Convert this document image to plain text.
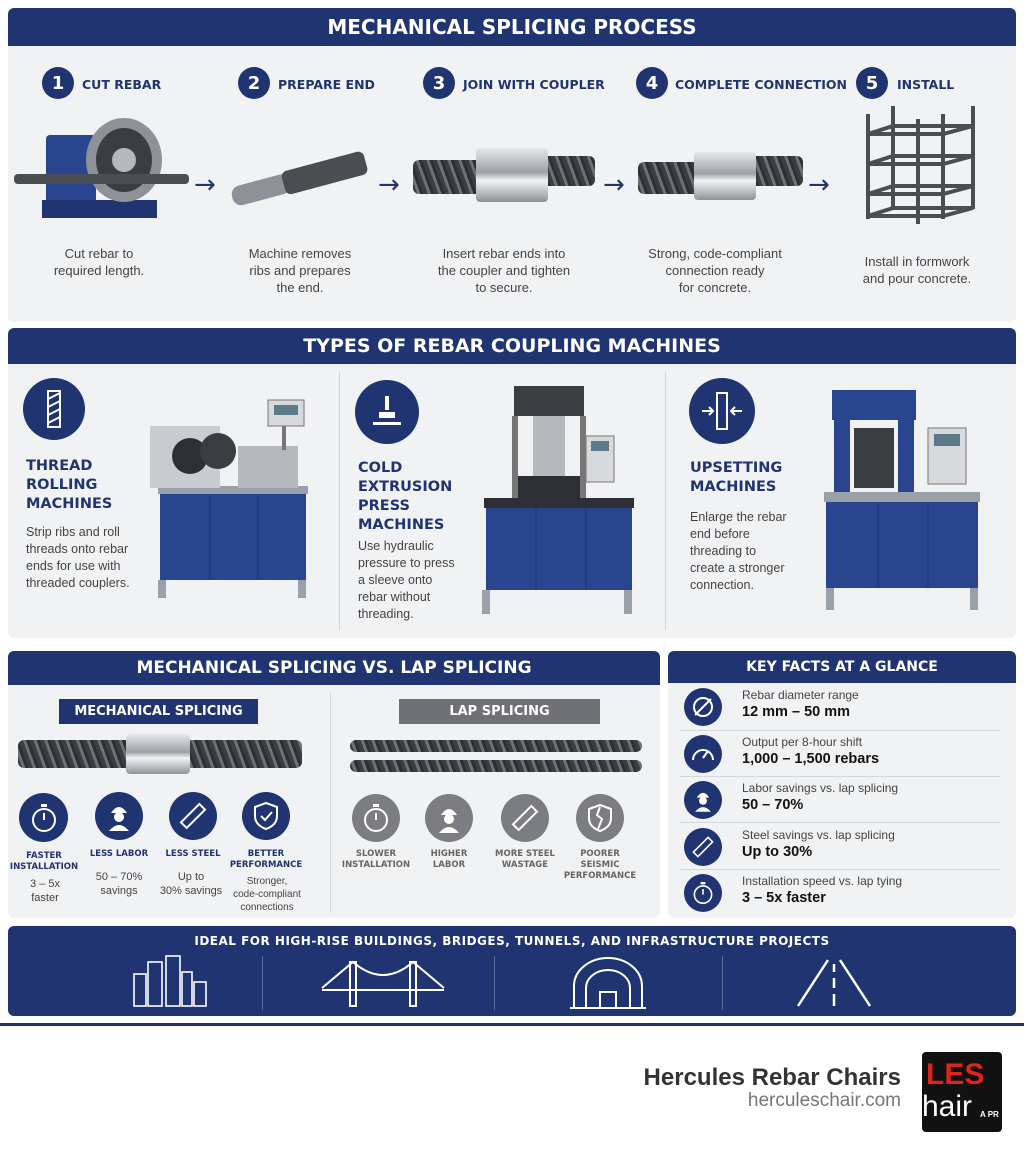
MECHANICAL SPLICING PROCESS
1	CUT REBAR
Cut rebar to
required length.
→
2	PREPARE END
Machine removes
ribs and prepares
the end.
→
3	JOIN WITH COUPLER
Insert rebar ends into
the coupler and tighten
to secure.
→
4	COMPLETE CONNECTION
Strong, code-compliant
connection ready
for concrete.
→
5	INSTALL
Install in formwork
and pour concrete.
TYPES OF REBAR COUPLING MACHINES
THREAD
ROLLING
MACHINES
Strip ribs and roll
threads onto rebar
ends for use with
threaded couplers.
COLD
EXTRUSION
PRESS
MACHINES
Use hydraulic
pressure to press
a sleeve onto
rebar without
threading.
UPSETTING
MACHINES
Enlarge the rebar
end before
threading to
create a stronger
connection.
MECHANICAL SPLICING VS. LAP SPLICING
MECHANICAL SPLICING	LAP SPLICING
FASTER
INSTALLATION
3 – 5x
faster
LESS LABOR
50 – 70%
savings
LESS STEEL
Up to
30% savings
BETTER
PERFORMANCE
Stronger,
code-compliant
connections
SLOWER
INSTALLATION
HIGHER
LABOR
MORE STEEL
WASTAGE
POORER
SEISMIC
PERFORMANCE
KEY FACTS AT A GLANCE
Rebar diameter range
12 mm – 50 mm
Output per 8-hour shift
1,000 – 1,500 rebars
Labor savings vs. lap splicing
50 – 70%
Steel savings vs. lap splicing
Up to 30%
Installation speed vs. lap tying
3 – 5x faster
IDEAL FOR HIGH-RISE BUILDINGS, BRIDGES, TUNNELS, AND INFRASTRUCTURE PROJECTS
Hercules Rebar Chairs
herculeschair.com
LES
hair A PR
